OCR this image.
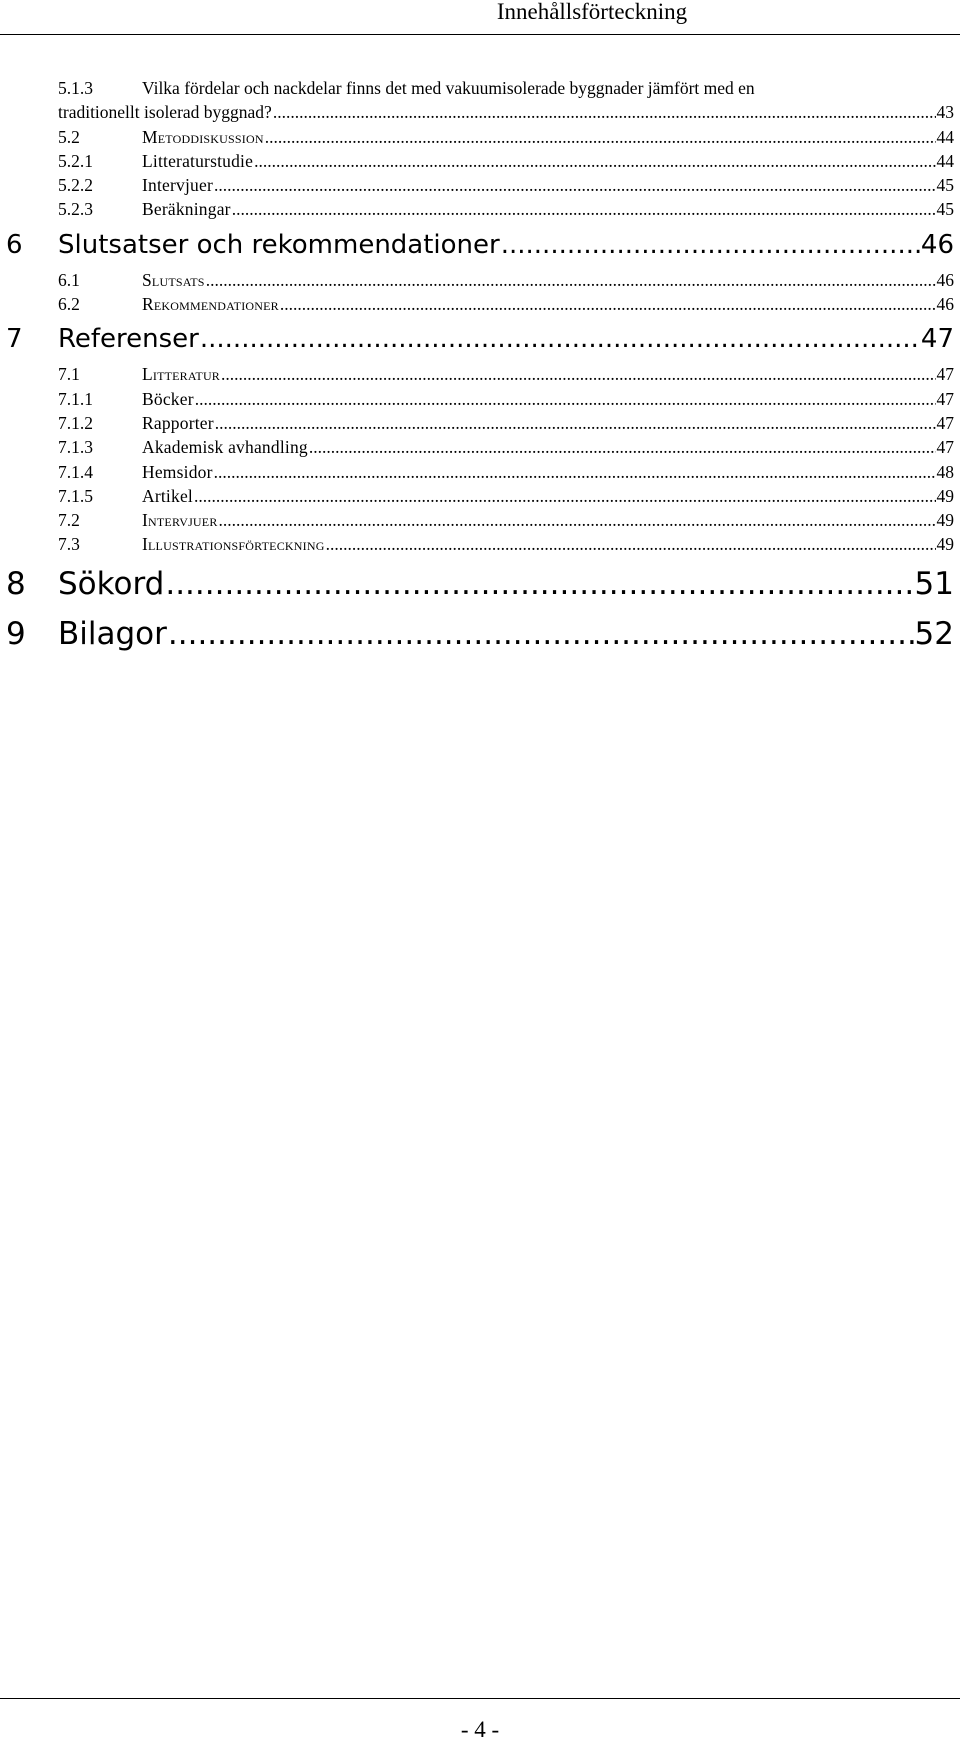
Innehållsförteckning
5.1.3	Vilka fördelar och nackdelar finns det med vakuumisolerade byggnader jämfört med en
traditionellt isolerad byggnad? .....	43
5.2	Metoddiskussion .....	44
5.2.1	Litteraturstudie .....	44
5.2.2	Intervjuer .....	45
5.2.3	Beräkningar .....	45
6	Slutsatser och rekommendationer .....	46
6.1	Slutsats .....	46
6.2	Rekommendationer .....	46
7	Referenser .....	47
7.1	Litteratur .....	47
7.1.1	Böcker .....	47
7.1.2	Rapporter .....	47
7.1.3	Akademisk avhandling .....	47
7.1.4	Hemsidor .....	48
7.1.5	Artikel .....	49
7.2	Intervjuer .....	49
7.3	Illustrationsförteckning .....	49
8	Sökord .....	51
9	Bilagor .....	52
- 4 -
